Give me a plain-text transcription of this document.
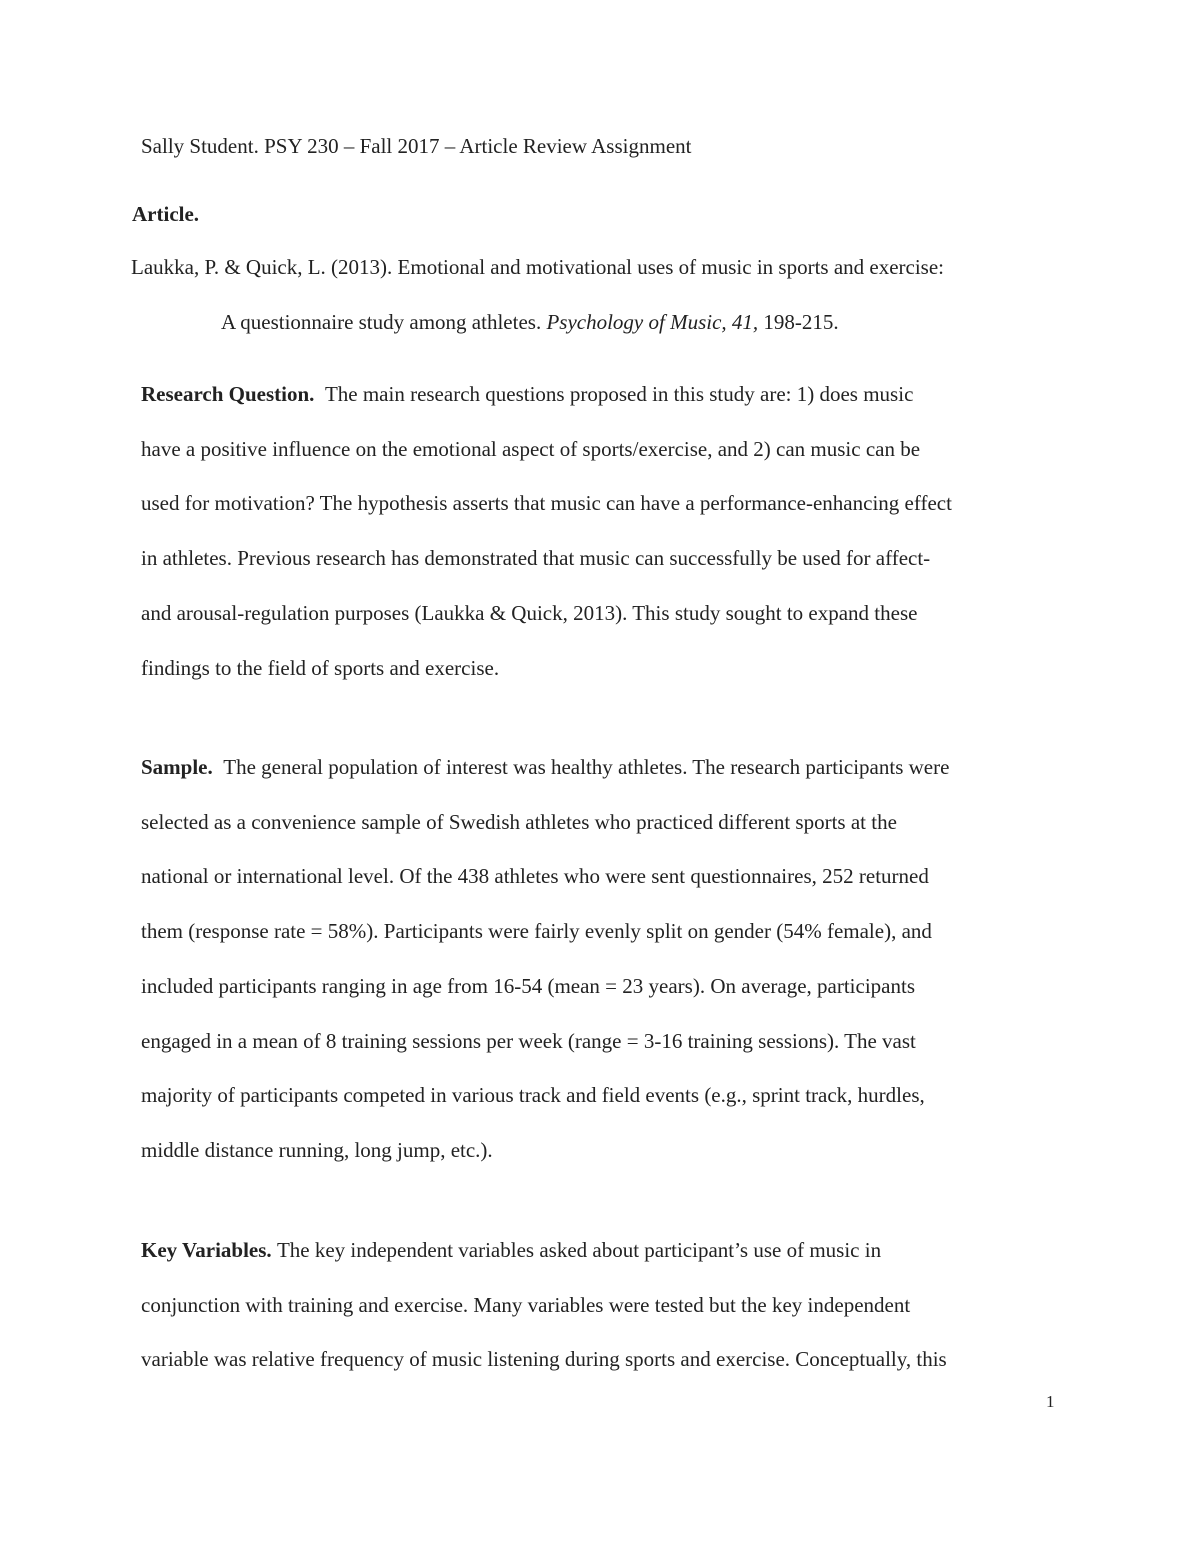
Sally Student. PSY 230 – Fall 2017 – Article Review Assignment
Article.
Laukka, P. & Quick, L. (2013). Emotional and motivational uses of music in sports and exercise:
A questionnaire study among athletes. Psychology of Music, 41, 198-215.
Research Question. The main research questions proposed in this study are: 1) does music
have a positive influence on the emotional aspect of sports/exercise, and 2) can music can be
used for motivation? The hypothesis asserts that music can have a performance-enhancing effect
in athletes. Previous research has demonstrated that music can successfully be used for affect-
and arousal-regulation purposes (Laukka & Quick, 2013). This study sought to expand these
findings to the field of sports and exercise.
Sample. The general population of interest was healthy athletes. The research participants were
selected as a convenience sample of Swedish athletes who practiced different sports at the
national or international level. Of the 438 athletes who were sent questionnaires, 252 returned
them (response rate = 58%). Participants were fairly evenly split on gender (54% female), and
included participants ranging in age from 16-54 (mean = 23 years). On average, participants
engaged in a mean of 8 training sessions per week (range = 3-16 training sessions). The vast
majority of participants competed in various track and field events (e.g., sprint track, hurdles,
middle distance running, long jump, etc.).
Key Variables. The key independent variables asked about participant’s use of music in
conjunction with training and exercise. Many variables were tested but the key independent
variable was relative frequency of music listening during sports and exercise. Conceptually, this
1
